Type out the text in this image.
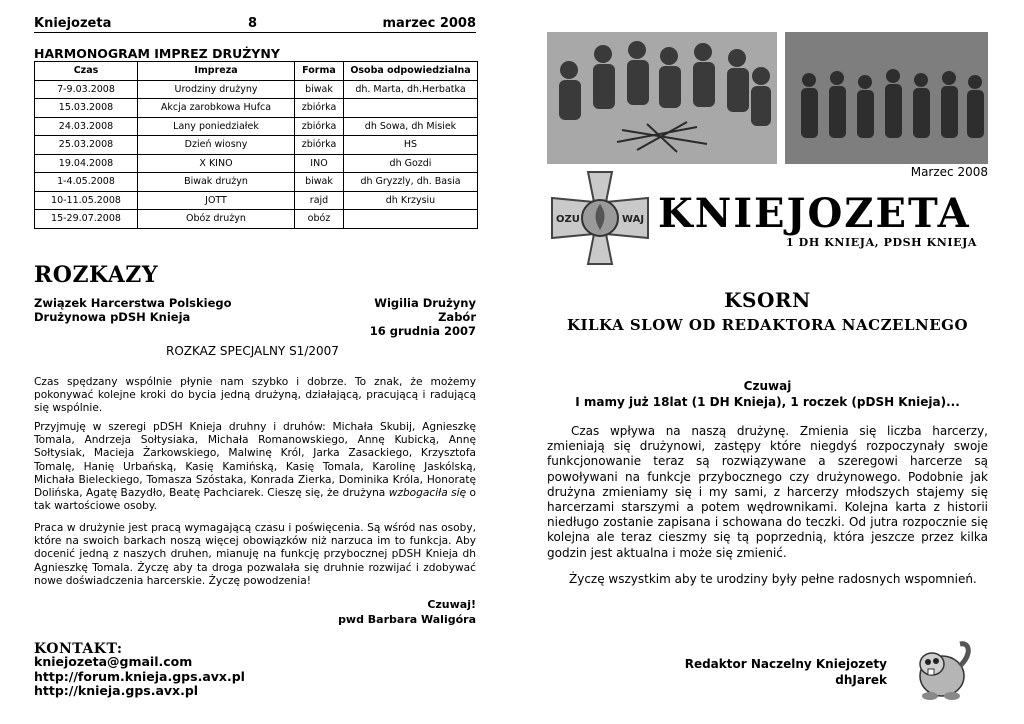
Kniejozeta	8	marzec 2008
HARMONOGRAM IMPREZ DRUŻYNY
Czas	Impreza	Forma	Osoba odpowiedzialna
7-9.03.2008	Urodziny drużyny	biwak	dh. Marta, dh.Herbatka
15.03.2008	Akcja zarobkowa Hufca	zbiórka	
24.03.2008	Lany poniedziałek	zbiórka	dh Sowa, dh Misiek
25.03.2008	Dzień wiosny	zbiórka	HS
19.04.2008	X KINO	INO	dh Gozdi
1-4.05.2008	Biwak drużyn	biwak	dh Gryzzly, dh. Basia
10-11.05.2008	JOTT	rajd	dh Krzysiu
15-29.07.2008	Obóz drużyn	obóz	
ROZKAZY
Związek Harcerstwa Polskiego
Drużynowa pDSH Knieja
Wigilia Drużyny
Zabór
16 grudnia 2007
ROZKAZ SPECJALNY S1/2007
Czas spędzany wspólnie płynie nam szybko i dobrze. To znak, że możemy pokonywać kolejne kroki do bycia jedną drużyną, działającą, pracującą i radującą się wspólnie.
Przyjmuję w szeregi pDSH Knieja druhny i druhów: Michała Skubij, Agnieszkę Tomala, Andrzeja Sołtysiaka, Michała Romanowskiego, Annę Kubicką, Annę Sołtysiak, Macieja Żarkowskiego, Malwinę Król, Jarka Zasackiego, Krzysztofa Tomalę, Hanię Urbańską, Kasię Kamińską, Kasię Tomala, Karolinę Jaskólską, Michała Bieleckiego, Tomasza Szóstaka, Konrada Zierka, Dominika Króla, Honoratę Dolińska, Agatę Bazydło, Beatę Pachciarek. Cieszę się, że drużyna wzbogaciła się o tak wartościowe osoby.
Praca w drużynie jest pracą wymagającą czasu i poświęcenia. Są wśród nas osoby, które na swoich barkach noszą więcej obowiązków niż narzuca im to funkcja. Aby docenić jedną z naszych druhen, mianuję na funkcję przybocznej pDSH Knieja dh Agnieszkę Tomala. Życzę aby ta droga pozwalała się druhnie rozwijać i zdobywać nowe doświadczenia harcerskie. Życzę powodzenia!
Czuwaj!
pwd Barbara Waligóra
KONTAKT:
kniejozeta@gmail.com
http://forum.knieja.gps.avx.pl
http://knieja.gps.avx.pl
Marzec 2008
OZU	WAJ KNIEJOZETA
1 DH KNIEJA, PDSH KNIEJA
KSORN
KILKA SLOW OD REDAKTORA NACZELNEGO
Czuwaj
I mamy już 18lat (1 DH Knieja), 1 roczek (pDSH Knieja)...
Czas wpływa na naszą drużynę. Zmienia się liczba harcerzy, zmieniają się drużynowi, zastępy które niegdyś rozpoczynały swoje funkcjonowanie teraz są rozwiązywane a szeregowi harcerze są powoływani na funkcje przybocznego czy drużynowego. Podobnie jak drużyna zmieniamy się i my sami, z harcerzy młodszych stajemy się harcerzami starszymi a potem wędrownikami. Kolejna karta z historii niedługo zostanie zapisana i schowana do teczki. Od jutra rozpocznie się kolejna ale teraz cieszmy się tą poprzednią, która jeszcze przez kilka godzin jest aktualna i może się zmienić.
Życzę wszystkim aby te urodziny były pełne radosnych wspomnień.
Redaktor Naczelny Kniejozety
dhJarek
